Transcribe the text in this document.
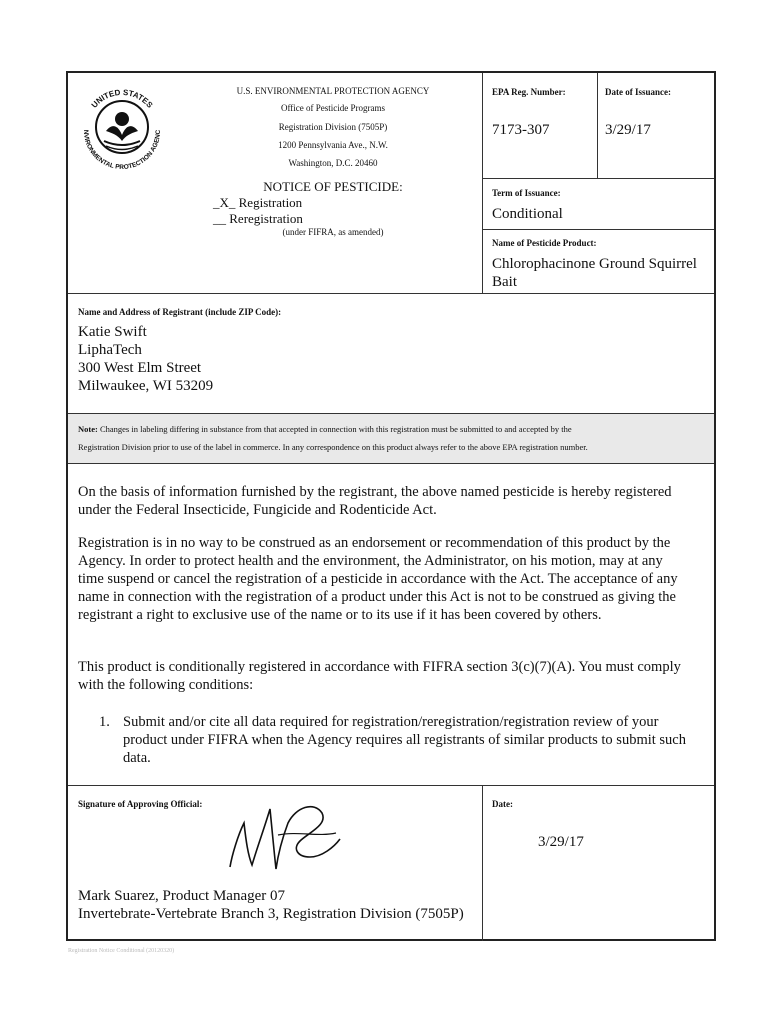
UNITED STATES
NVIRONMENTAL PROTECTION AGENC
U.S. ENVIRONMENTAL PROTECTION AGENCY
Office of Pesticide Programs
Registration Division (7505P)
1200 Pennsylvania Ave., N.W.
Washington, D.C. 20460
NOTICE OF PESTICIDE:
_X_ Registration
__ Reregistration
(under FIFRA, as amended)
EPA Reg. Number:
7173-307
Date of Issuance:
3/29/17
Term of Issuance:
Conditional
Name of Pesticide Product:
Chlorophacinone Ground Squirrel
Bait
Name and Address of Registrant (include ZIP Code):
Katie Swift
LiphaTech
300 West Elm Street
Milwaukee, WI 53209
Note: Changes in labeling differing in substance from that accepted in connection with this registration must be submitted to and accepted by the
Registration Division prior to use of the label in commerce. In any correspondence on this product always refer to the above EPA registration number.
On the basis of information furnished by the registrant, the above named pesticide is hereby registered
under the Federal Insecticide, Fungicide and Rodenticide Act.
Registration is in no way to be construed as an endorsement or recommendation of this product by the
Agency. In order to protect health and the environment, the Administrator, on his motion, may at any
time suspend or cancel the registration of a pesticide in accordance with the Act. The acceptance of any
name in connection with the registration of a product under this Act is not to be construed as giving the
registrant a right to exclusive use of the name or to its use if it has been covered by others.
This product is conditionally registered in accordance with FIFRA section 3(c)(7)(A). You must comply
with the following conditions:
1. Submit and/or cite all data required for registration/reregistration/registration review of your
product under FIFRA when the Agency requires all registrants of similar products to submit such
data.
Signature of Approving Official:
Mark Suarez, Product Manager 07
Invertebrate-Vertebrate Branch 3, Registration Division (7505P)
Date:
3/29/17
Registration Notice Conditional (20120320)
